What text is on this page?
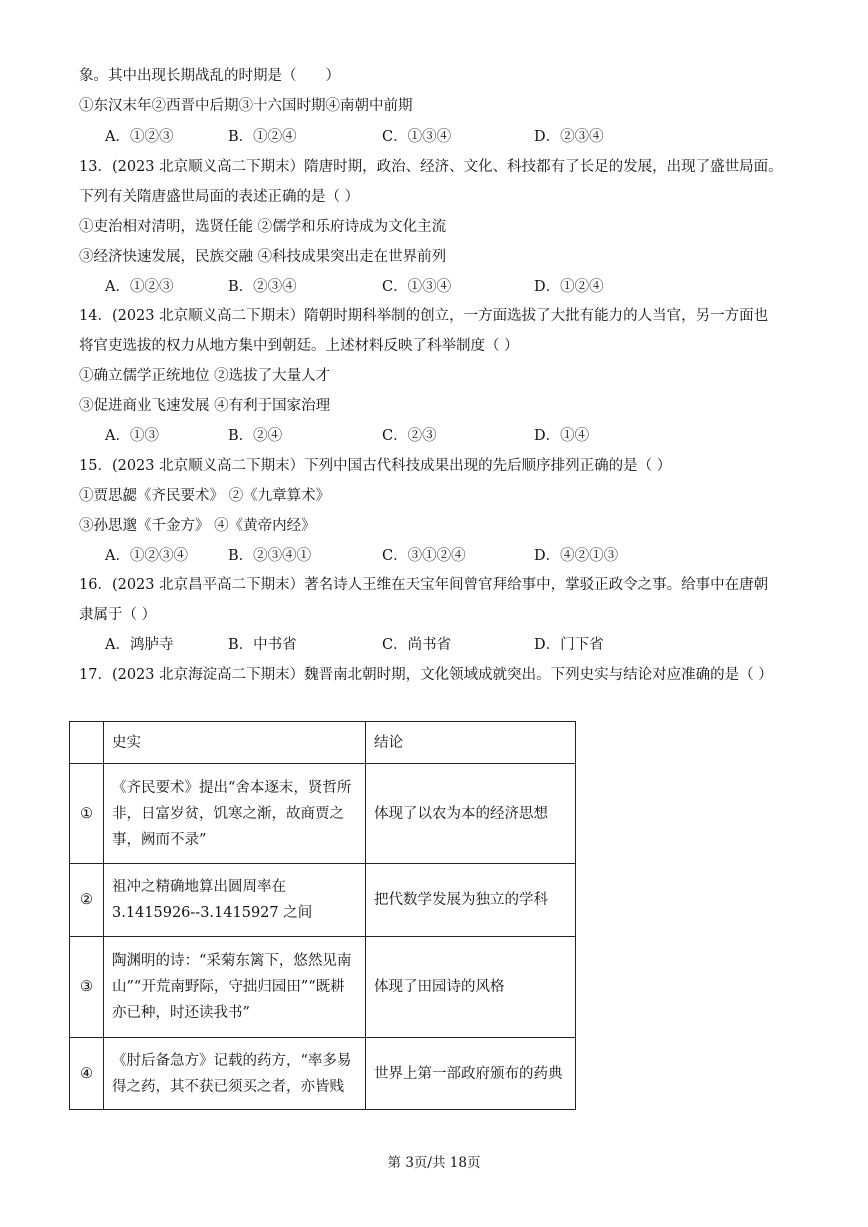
象。其中出现长期战乱的时期是（　　）
①东汉末年②西晋中后期③十六国时期④南朝中前期
A．①②③	B．①②④	C．①③④	D．②③④
13．(2023 北京顺义高二下期末）隋唐时期，政治、经济、文化、科技都有了长足的发展，出现了盛世局面。
下列有关隋唐盛世局面的表述正确的是（ ）
①吏治相对清明，选贤任能 ②儒学和乐府诗成为文化主流
③经济快速发展，民族交融 ④科技成果突出走在世界前列
A．①②③	B．②③④	C．①③④	D．①②④
14．(2023 北京顺义高二下期末）隋朝时期科举制的创立，一方面选拔了大批有能力的人当官，另一方面也
将官吏选拔的权力从地方集中到朝廷。上述材料反映了科举制度（ ）
①确立儒学正统地位 ②选拔了大量人才
③促进商业飞速发展 ④有利于国家治理
A．①③	B．②④	C．②③	D．①④
15．(2023 北京顺义高二下期末）下列中国古代科技成果出现的先后顺序排列正确的是（ ）
①贾思勰《齐民要术》 ②《九章算术》
③孙思邈《千金方》 ④《黄帝内经》
A．①②③④	B．②③④①	C．③①②④	D．④②①③
16．(2023 北京昌平高二下期末）著名诗人王维在天宝年间曾官拜给事中，掌驳正政令之事。给事中在唐朝
隶属于（ ）
A．鸿胪寺	B．中书省	C．尚书省	D．门下省
17．(2023 北京海淀高二下期末）魏晋南北朝时期，文化领域成就突出。下列史实与结论对应准确的是（ ）
	史实	结论
①	《齐民要术》提出“舍本逐末，贤哲所非，日富岁贫，饥寒之渐，故商贾之事，阙而不录”	体现了以农为本的经济思想
②	祖冲之精确地算出圆周率在3.1415926--3.1415927 之间	把代数学发展为独立的学科
③	陶渊明的诗：“采菊东篱下，悠然见南山”“开荒南野际，守拙归园田”“既耕亦已种，时还读我书”	体现了田园诗的风格
④	《肘后备急方》记载的药方，“率多易得之药，其不获已须买之者，亦皆贱	世界上第一部政府颁布的药典
第 3页/共 18页
